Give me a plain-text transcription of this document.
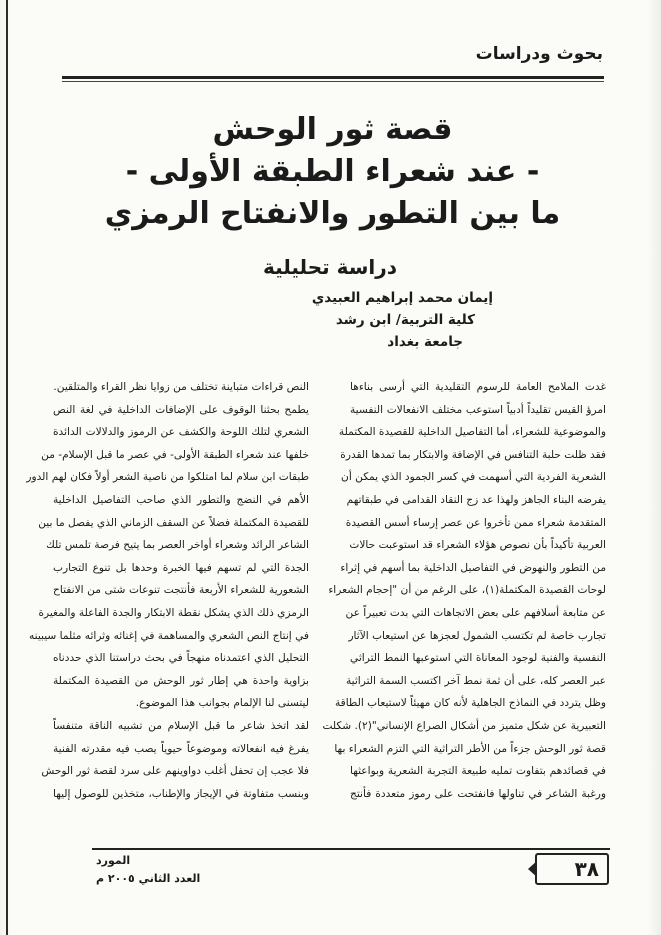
بحوث ودراسات
قصة ثور الوحش
- عند شعراء الطبقة الأولى -
ما بين التطور والانفتاح الرمزي
دراسة تحليلية
إيمان محمد إبراهيم العبيدي
كلية التربية/ ابن رشد
جامعة بغداد
غدت الملامح العامة للرسوم التقليدية التي أرسى بناءها
امرؤ القيس تقليداً أدبياً استوعب مختلف الانفعالات النفسية
والموضوعية للشعراء، أما التفاصيل الداخلية للقصيدة المكتملة
فقد ظلت حلبة التنافس في الإضافة والابتكار بما تمدها القدرة
الشعرية الفردية التي أسهمت في كسر الجمود الذي يمكن أن
يفرضه البناء الجاهز ولهذا عد زج النقاد القدامى في طبقاتهم
المتقدمة شعراء ممن تأخروا عن عصر إرساء أسس القصيدة
العربية تأكيداً بأن نصوص هؤلاء الشعراء قد استوعبت حالات
من التطور والنهوض في التفاصيل الداخلية بما أسهم في إثراء
لوحات القصيدة المكتملة(١)، على الرغم من أن "إحجام الشعراء
عن متابعة أسلافهم على بعض الاتجاهات التي بدت تعبيراً عن
تجارب خاصة لم تكتسب الشمول لعجزها عن استيعاب الآثار
النفسية والفنية لوجود المعاناة التي استوعبها النمط التراثي
عبر العصر كله، على أن ثمة نمط آخر اكتسب السمة التراثية
وظل يتردد في النماذج الجاهلية لأنه كان مهيئاً لاستيعاب الطاقة
التعبيرية عن شكل متميز من أشكال الصراع الإنساني"(٢). شكلت
قصة ثور الوحش جزءاً من الأطر التراثية التي التزم الشعراء بها
في قصائدهم بتفاوت تمليه طبيعة التجربة الشعرية وبواعثها
ورغبة الشاعر في تناولها فانفتحت على رموز متعددة فأنتج
النص قراءات متباينة تختلف من زوايا نظر القراء والمتلقين.
يطمح بحثنا الوقوف على الإضافات الداخلية في لغة النص
الشعري لتلك اللوحة والكشف عن الرموز والدلالات الدائدة
خلفها عند شعراء الطبقة الأولى- في عصر ما قبل الإسلام- من
طبقات ابن سلام لما امتلكوا من ناصية الشعر أولاً فكان لهم الدور
الأهم في النضج والتطور الذي صاحب التفاصيل الداخلية
للقصيدة المكتملة فضلاً عن السقف الزماني الذي يفصل ما بين
الشاعر الرائد وشعراء أواخر العصر بما يتيح فرصة تلمس تلك
الجدة التي لم تسهم فيها الخبرة وحدها بل تنوع التجارب
الشعورية للشعراء الأربعة فأنتجت تنوعات شتى من الانفتاح
الرمزي ذلك الذي يشكل نقطة الابتكار والجدة الفاعلة والمغيرة
في إنتاج النص الشعري والمساهمة في إغنائه وثرائه مثلما سيبينه
التحليل الذي اعتمدناه منهجاً في بحث دراستنا الذي حددناه
بزاوية واحدة هي إطار ثور الوحش من القصيدة المكتملة
ليتسنى لنا الإلمام بجوانب هذا الموضوع.
لقد اتخذ شاعر ما قبل الإسلام من تشبيه الناقة متنفساً
يفرغ فيه انفعالاته وموضوعاً حيوياً يصب فيه مقدرته الفنية
فلا عجب إن تحفل أغلب دواوينهم على سرد لقصة ثور الوحش
وبنسب متفاوتة في الإيجاز والإطناب، متخذين للوصول إليها
المورد
العدد الثاني ٢٠٠٥ م	٣٨
